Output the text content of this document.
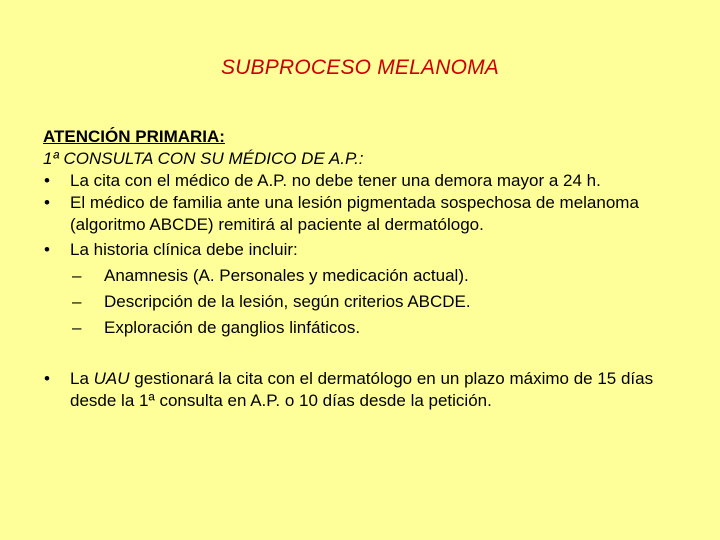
SUBPROCESO MELANOMA

ATENCIÓN PRIMARIA:

1ª CONSULTA CON SU MÉDICO DE A.P.:

•	La cita con el médico de A.P. no debe tener una demora mayor a 24 h.
•	El médico de familia ante una lesión pigmentada sospechosa de melanoma (algoritmo ABCDE) remitirá al paciente al dermatólogo.
•	La historia clínica debe incluir:
–	Anamnesis (A. Personales y medicación actual).
–	Descripción de la lesión, según criterios ABCDE.
–	Exploración de ganglios linfáticos.
•	La UAU gestionará la cita con el dermatólogo en un plazo máximo de 15 días desde la 1ª consulta en A.P. o 10 días desde la petición.
